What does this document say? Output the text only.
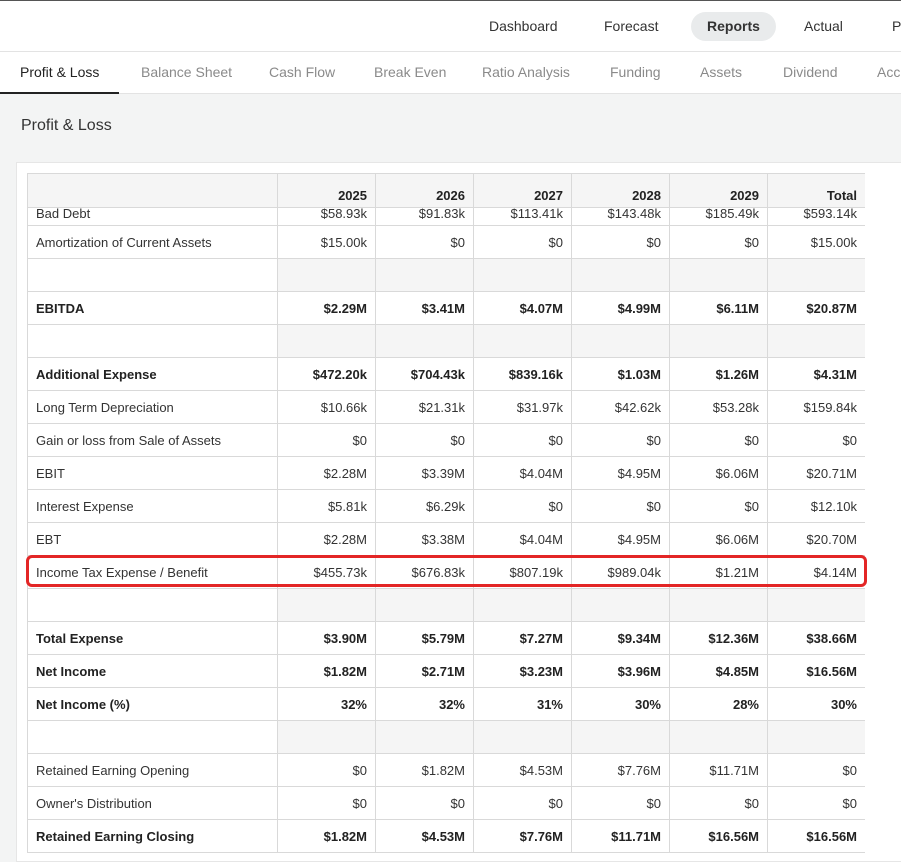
Dashboard	Forecast	Reports	Actual	P
Profit & Loss	Balance Sheet	Cash Flow	Break Even	Ratio Analysis	Funding	Assets	Dividend	Acc
Profit & Loss
	2025	2026	2027	2028	2029	Total
Bad Debt	$58.93k	$91.83k	$113.41k	$143.48k	$185.49k	$593.14k
Amortization of Current Assets	$15.00k	$0	$0	$0	$0	$15.00k

EBITDA	$2.29M	$3.41M	$4.07M	$4.99M	$6.11M	$20.87M

Additional Expense	$472.20k	$704.43k	$839.16k	$1.03M	$1.26M	$4.31M
Long Term Depreciation	$10.66k	$21.31k	$31.97k	$42.62k	$53.28k	$159.84k
Gain or loss from Sale of Assets	$0	$0	$0	$0	$0	$0
EBIT	$2.28M	$3.39M	$4.04M	$4.95M	$6.06M	$20.71M
Interest Expense	$5.81k	$6.29k	$0	$0	$0	$12.10k
EBT	$2.28M	$3.38M	$4.04M	$4.95M	$6.06M	$20.70M
Income Tax Expense / Benefit	$455.73k	$676.83k	$807.19k	$989.04k	$1.21M	$4.14M

Total Expense	$3.90M	$5.79M	$7.27M	$9.34M	$12.36M	$38.66M
Net Income	$1.82M	$2.71M	$3.23M	$3.96M	$4.85M	$16.56M
Net Income (%)	32%	32%	31%	30%	28%	30%

Retained Earning Opening	$0	$1.82M	$4.53M	$7.76M	$11.71M	$0
Owner's Distribution	$0	$0	$0	$0	$0	$0
Retained Earning Closing	$1.82M	$4.53M	$7.76M	$11.71M	$16.56M	$16.56M
